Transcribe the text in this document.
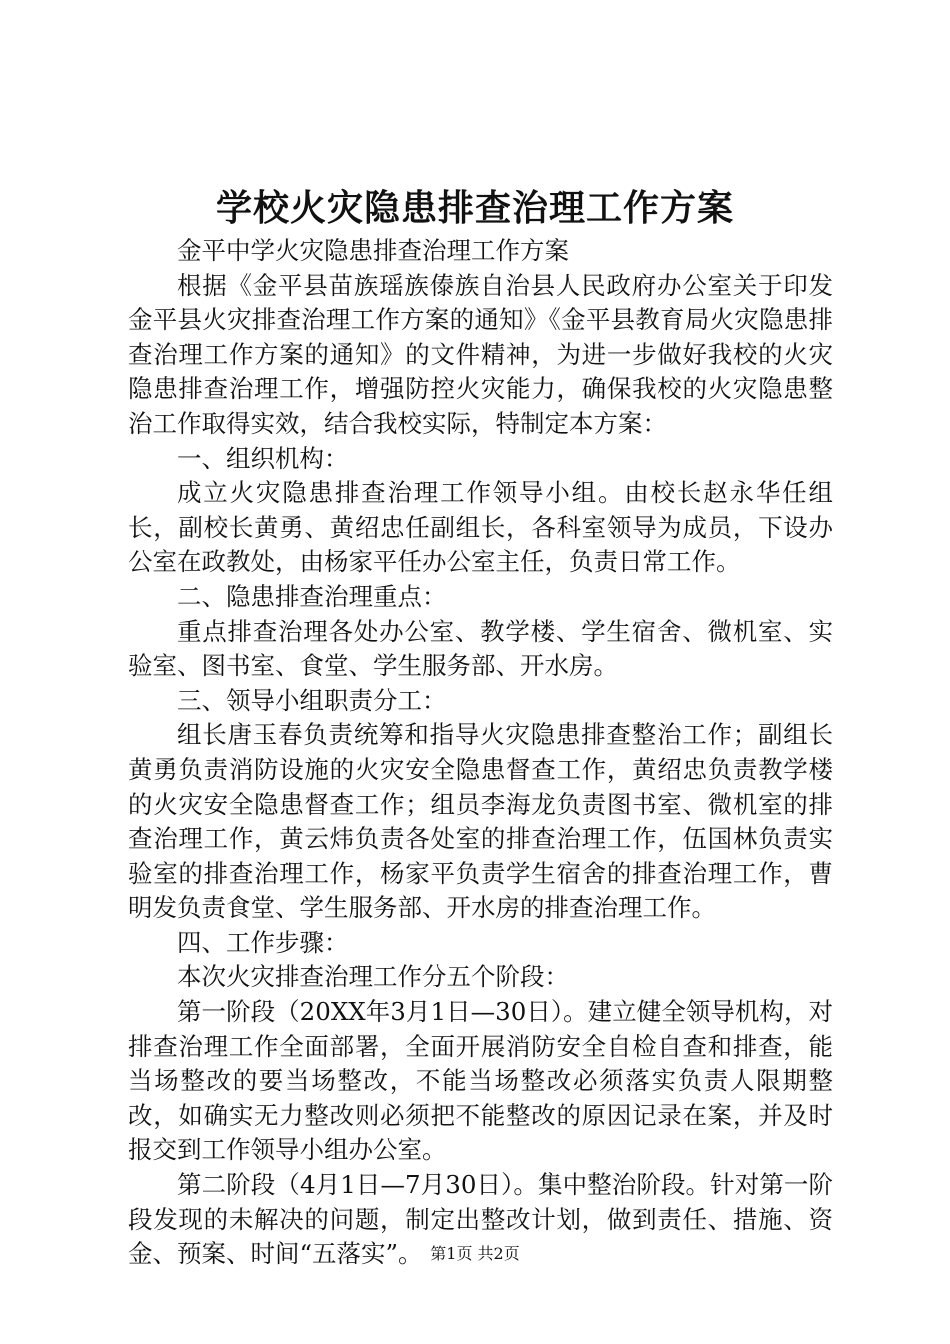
学校火灾隐患排查治理工作方案

金平中学火灾隐患排查治理工作方案

根据《金平县苗族瑶族傣族自治县人民政府办公室关于印发金平县火灾排查治理工作方案的通知》《金平县教育局火灾隐患排查治理工作方案的通知》的文件精神，为进一步做好我校的火灾隐患排查治理工作，增强防控火灾能力，确保我校的火灾隐患整治工作取得实效，结合我校实际，特制定本方案：

一、组织机构：

成立火灾隐患排查治理工作领导小组。由校长赵永华任组长，副校长黄勇、黄绍忠任副组长，各科室领导为成员，下设办公室在政教处，由杨家平任办公室主任，负责日常工作。

二、隐患排查治理重点：

重点排查治理各处办公室、教学楼、学生宿舍、微机室、实验室、图书室、食堂、学生服务部、开水房。

三、领导小组职责分工：

组长唐玉春负责统筹和指导火灾隐患排查整治工作；副组长黄勇负责消防设施的火灾安全隐患督查工作，黄绍忠负责教学楼的火灾安全隐患督查工作；组员李海龙负责图书室、微机室的排查治理工作，黄云炜负责各处室的排查治理工作，伍国林负责实验室的排查治理工作，杨家平负责学生宿舍的排查治理工作，曹明发负责食堂、学生服务部、开水房的排查治理工作。

四、工作步骤：

本次火灾排查治理工作分五个阶段：

第一阶段（20XX年3月1日—30日）。建立健全领导机构，对排查治理工作全面部署，全面开展消防安全自检自查和排查，能当场整改的要当场整改，不能当场整改必须落实负责人限期整改，如确实无力整改则必须把不能整改的原因记录在案，并及时报交到工作领导小组办公室。

第二阶段（4月1日—7月30日）。集中整治阶段。针对第一阶段发现的未解决的问题，制定出整改计划，做到责任、措施、资金、预案、时间“五落实”。 第1页 共2页
